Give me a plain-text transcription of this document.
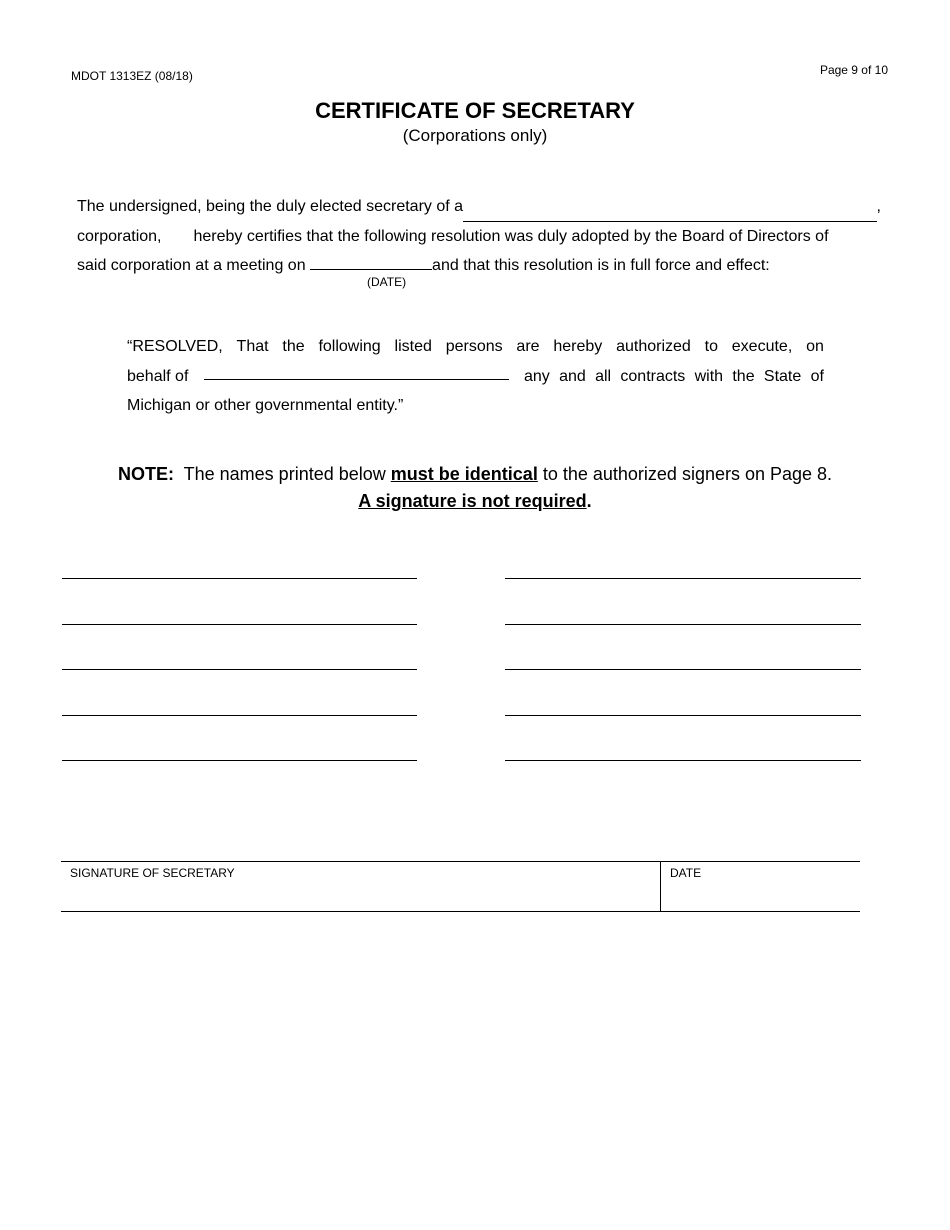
MDOT 1313EZ (08/18)	Page 9 of 10
CERTIFICATE OF SECRETARY
(Corporations only)
The undersigned, being the duly elected secretary of a	,
corporation, hereby certifies that the following resolution was duly adopted by the Board of Directors of
said corporation at a meeting on	and that this resolution is in full force and effect:
(DATE)
“RESOLVED, That the following listed persons are hereby authorized to execute, on
behalf of	any and all contracts with the State of
Michigan or other governmental entity.”
NOTE: The names printed below must be identical to the authorized signers on Page 8.
A signature is not required.
SIGNATURE OF SECRETARY	DATE
